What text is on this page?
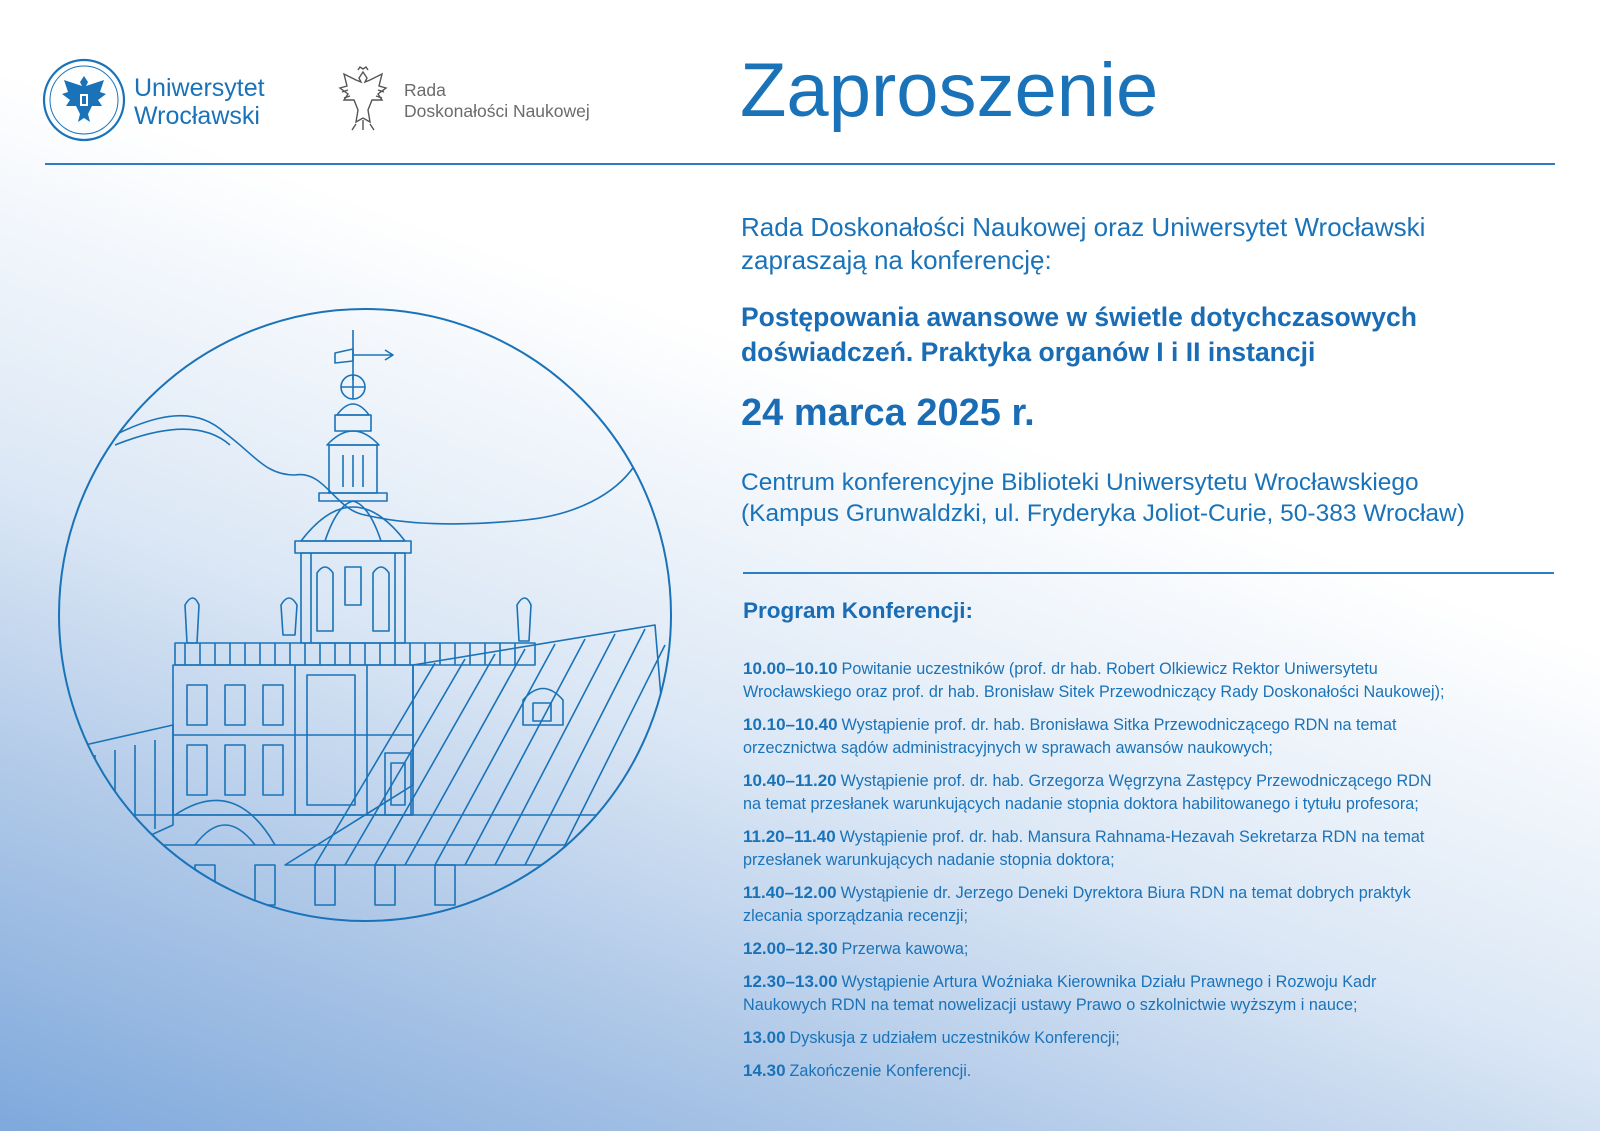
Uniwersytet
Wrocławski
Rada
Doskonałości Naukowej Zaproszenie
Rada Doskonałości Naukowej oraz Uniwersytet Wrocławski
zapraszają na konferencję:
Postępowania awansowe w świetle dotychczasowych
doświadczeń. Praktyka organów I i II instancji
24 marca 2025 r.
Centrum konferencyjne Biblioteki Uniwersytetu Wrocławskiego
(Kampus Grunwaldzki, ul. Fryderyka Joliot-Curie, 50-383 Wrocław)
Program Konferencji:
10.00–10.10 Powitanie uczestników (prof. dr hab. Robert Olkiewicz Rektor Uniwersytetu
Wrocławskiego oraz prof. dr hab. Bronisław Sitek Przewodniczący Rady Doskonałości Naukowej);
10.10–10.40 Wystąpienie prof. dr. hab. Bronisława Sitka Przewodniczącego RDN na temat
orzecznictwa sądów administracyjnych w sprawach awansów naukowych;
10.40–11.20 Wystąpienie prof. dr. hab. Grzegorza Węgrzyna Zastępcy Przewodniczącego RDN
na temat przesłanek warunkujących nadanie stopnia doktora habilitowanego i tytułu profesora;
11.20–11.40 Wystąpienie prof. dr. hab. Mansura Rahnama-Hezavah Sekretarza RDN na temat
przesłanek warunkujących nadanie stopnia doktora;
11.40–12.00 Wystąpienie dr. Jerzego Deneki Dyrektora Biura RDN na temat dobrych praktyk
zlecania sporządzania recenzji;
12.00–12.30 Przerwa kawowa;
12.30–13.00 Wystąpienie Artura Woźniaka Kierownika Działu Prawnego i Rozwoju Kadr
Naukowych RDN na temat nowelizacji ustawy Prawo o szkolnictwie wyższym i nauce;
13.00 Dyskusja z udziałem uczestników Konferencji;
14.30 Zakończenie Konferencji.
